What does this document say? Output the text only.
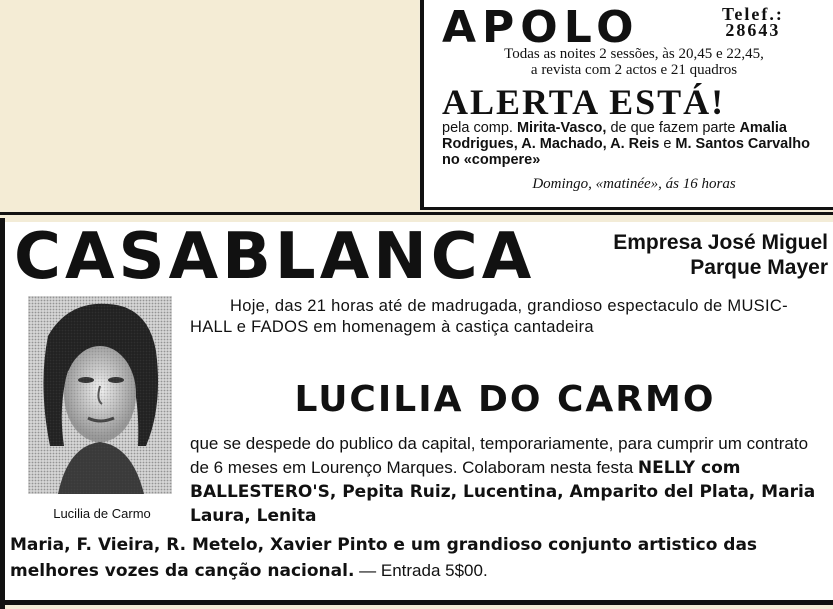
APOLO	Telef.:
28643
Todas as noites 2 sessões, às 20,45 e 22,45,
a revista com 2 actos e 21 quadros
ALERTA ESTÁ!
pela comp. Mirita-Vasco, de que fazem parte Amalia Rodrigues, A. Machado, A. Reis e M. Santos Carvalho no «compere»
Domingo, «matinée», ás 16 horas
CASABLANCA	Empresa José Miguel
Parque Mayer
Lucilia de Carmo
Hoje, das 21 horas até de madrugada, grandioso espectaculo de MUSIC-HALL e FADOS em homenagem à castiça cantadeira
LUCILIA DO CARMO
que se despede do publico da capital, temporariamente, para cumprir um contrato de 6 meses em Lourenço Marques. Colaboram nesta festa NELLY com BALLESTERO'S, Pepita Ruiz, Lucentina, Amparito del Plata, Maria Laura, Lenita
Maria, F. Vieira, R. Metelo, Xavier Pinto e um grandioso conjunto artistico das melhores vozes da canção nacional. — Entrada 5$00.
